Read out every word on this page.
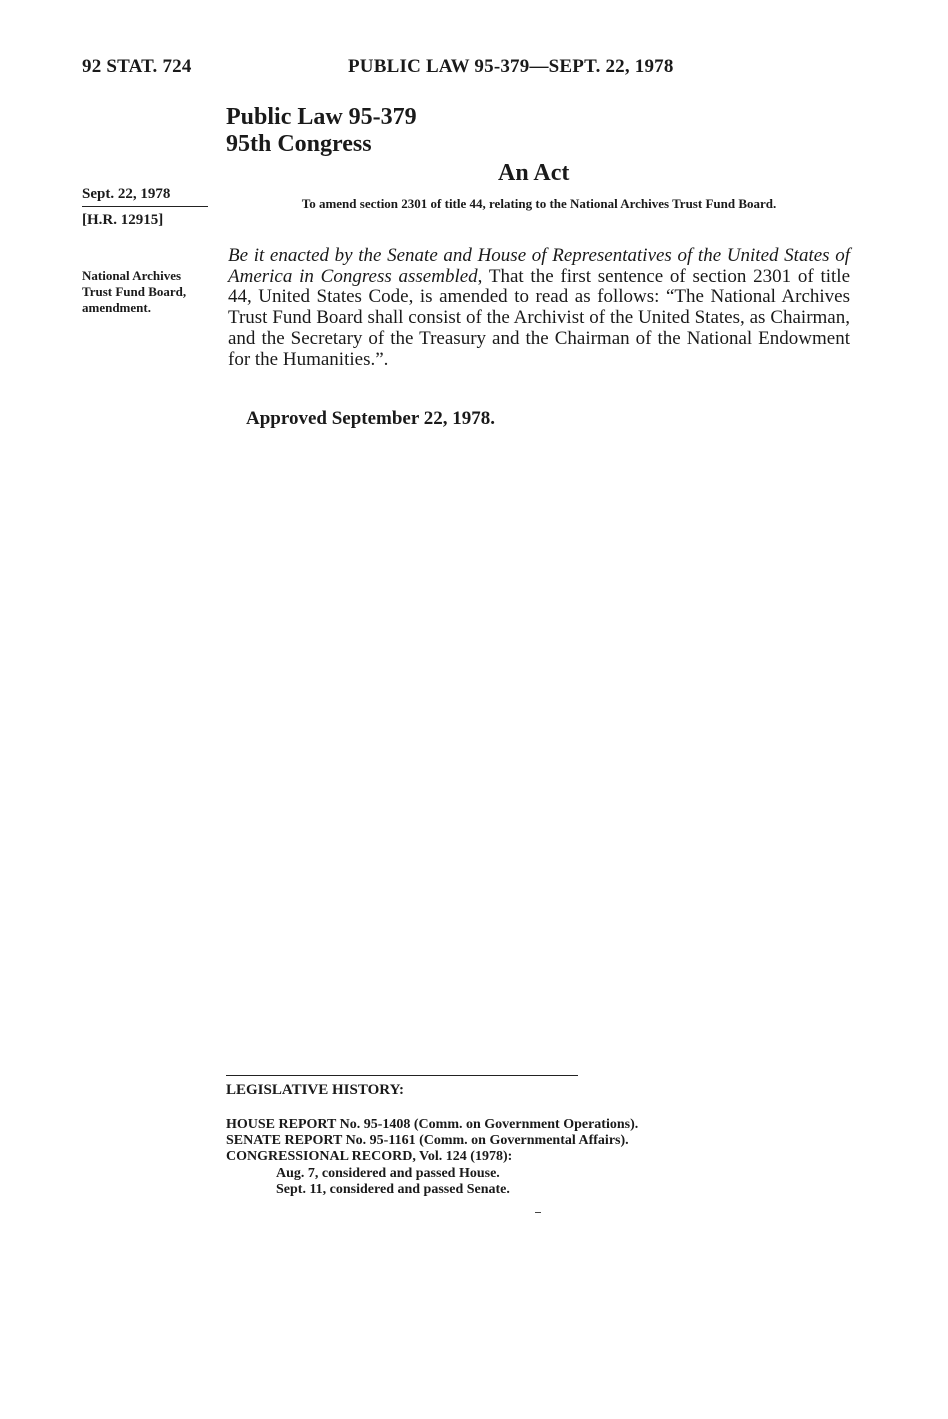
92 STAT. 724	PUBLIC LAW 95-379—SEPT. 22, 1978
Public Law 95-379
95th Congress
An Act
Sept. 22, 1978
[H.R. 12915]
National Archives Trust Fund Board, amendment.
To amend section 2301 of title 44, relating to the National Archives Trust Fund Board.

Be it enacted by the Senate and House of Representatives of the United States of America in Congress assembled, That the first sentence of section 2301 of title 44, United States Code, is amended to read as follows: “The National Archives Trust Fund Board shall consist of the Archivist of the United States, as Chairman, and the Secretary of the Treasury and the Chairman of the National Endowment for the Humanities.”.

Approved September 22, 1978.
LEGISLATIVE HISTORY:
HOUSE REPORT No. 95-1408 (Comm. on Government Operations).
SENATE REPORT No. 95-1161 (Comm. on Governmental Affairs).
CONGRESSIONAL RECORD, Vol. 124 (1978):
Aug. 7, considered and passed House.
Sept. 11, considered and passed Senate.
